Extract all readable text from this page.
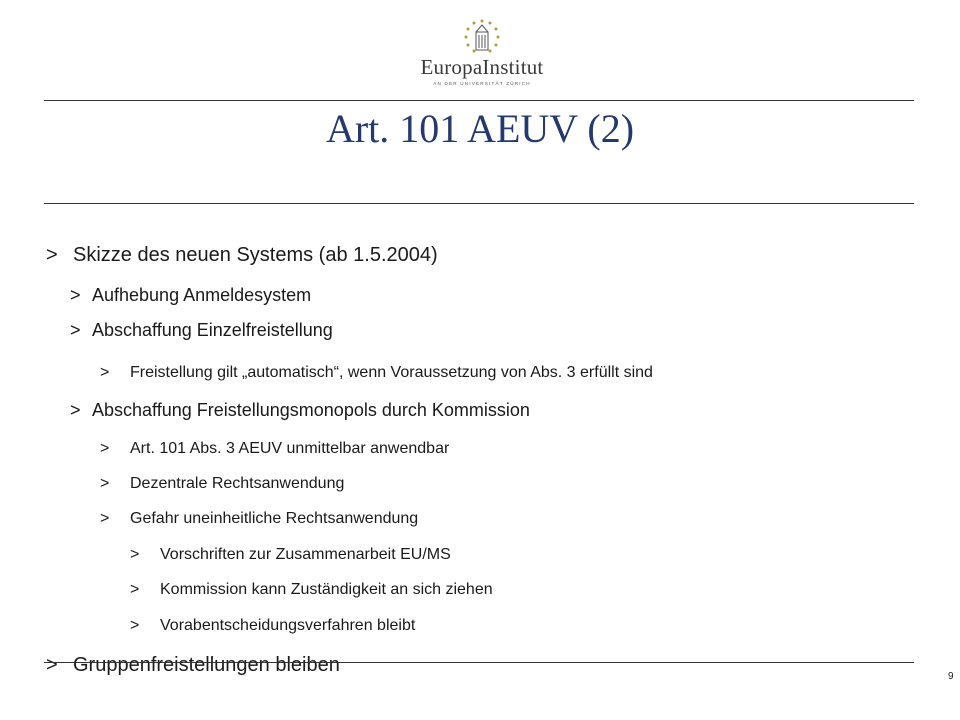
EuropaInstitut
AN DER UNIVERSITÄT ZÜRICH
Art. 101 AEUV (2)
> Skizze des neuen Systems (ab 1.5.2004)
> Aufhebung Anmeldesystem
> Abschaffung Einzelfreistellung
> Freistellung gilt „automatisch“, wenn Voraussetzung von Abs. 3 erfüllt sind
> Abschaffung Freistellungsmonopols durch Kommission
> Art. 101 Abs. 3 AEUV unmittelbar anwendbar
> Dezentrale Rechtsanwendung
> Gefahr uneinheitliche Rechtsanwendung
> Vorschriften zur Zusammenarbeit EU/MS
> Kommission kann Zuständigkeit an sich ziehen
> Vorabentscheidungsverfahren bleibt
> Gruppenfreistellungen bleiben
9
